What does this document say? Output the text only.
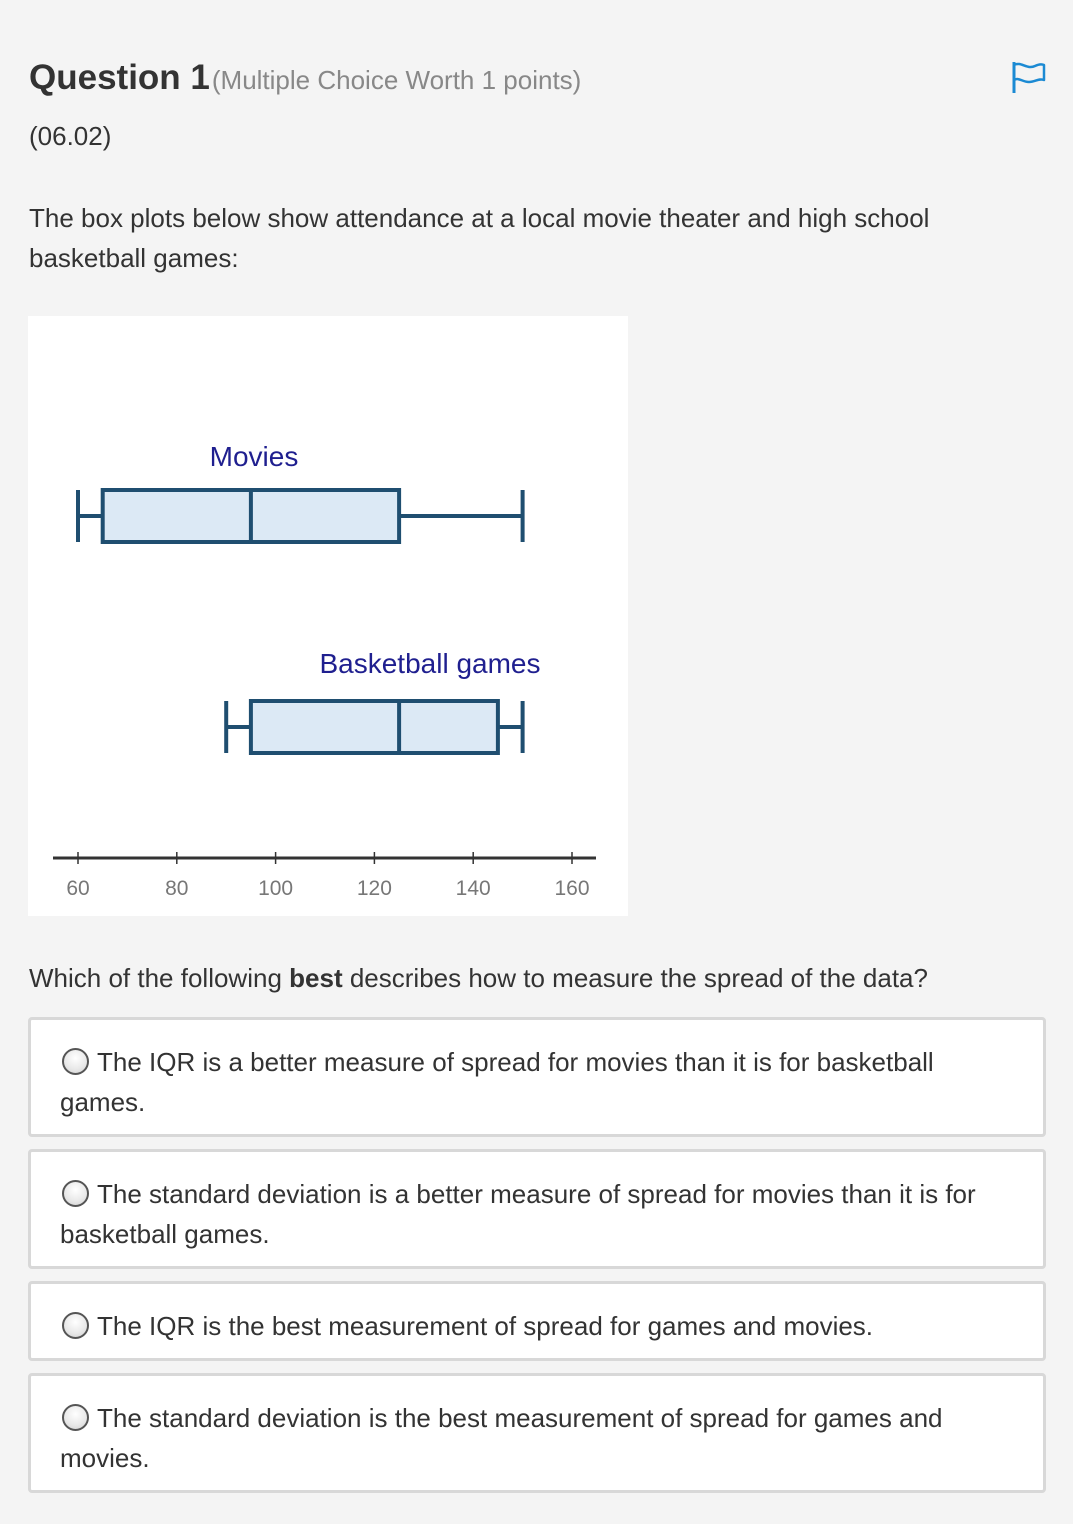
Question 1 (Multiple Choice Worth 1 points)
(06.02)
The box plots below show attendance at a local movie theater and high school basketball games:
60	80	100	120	140	160
Movies
Basketball games
Which of the following best describes how to measure the spread of the data?
The IQR is a better measure of spread for movies than it is for basketball games.
The standard deviation is a better measure of spread for movies than it is for basketball games.
The IQR is the best measurement of spread for games and movies.
The standard deviation is the best measurement of spread for games and movies.
